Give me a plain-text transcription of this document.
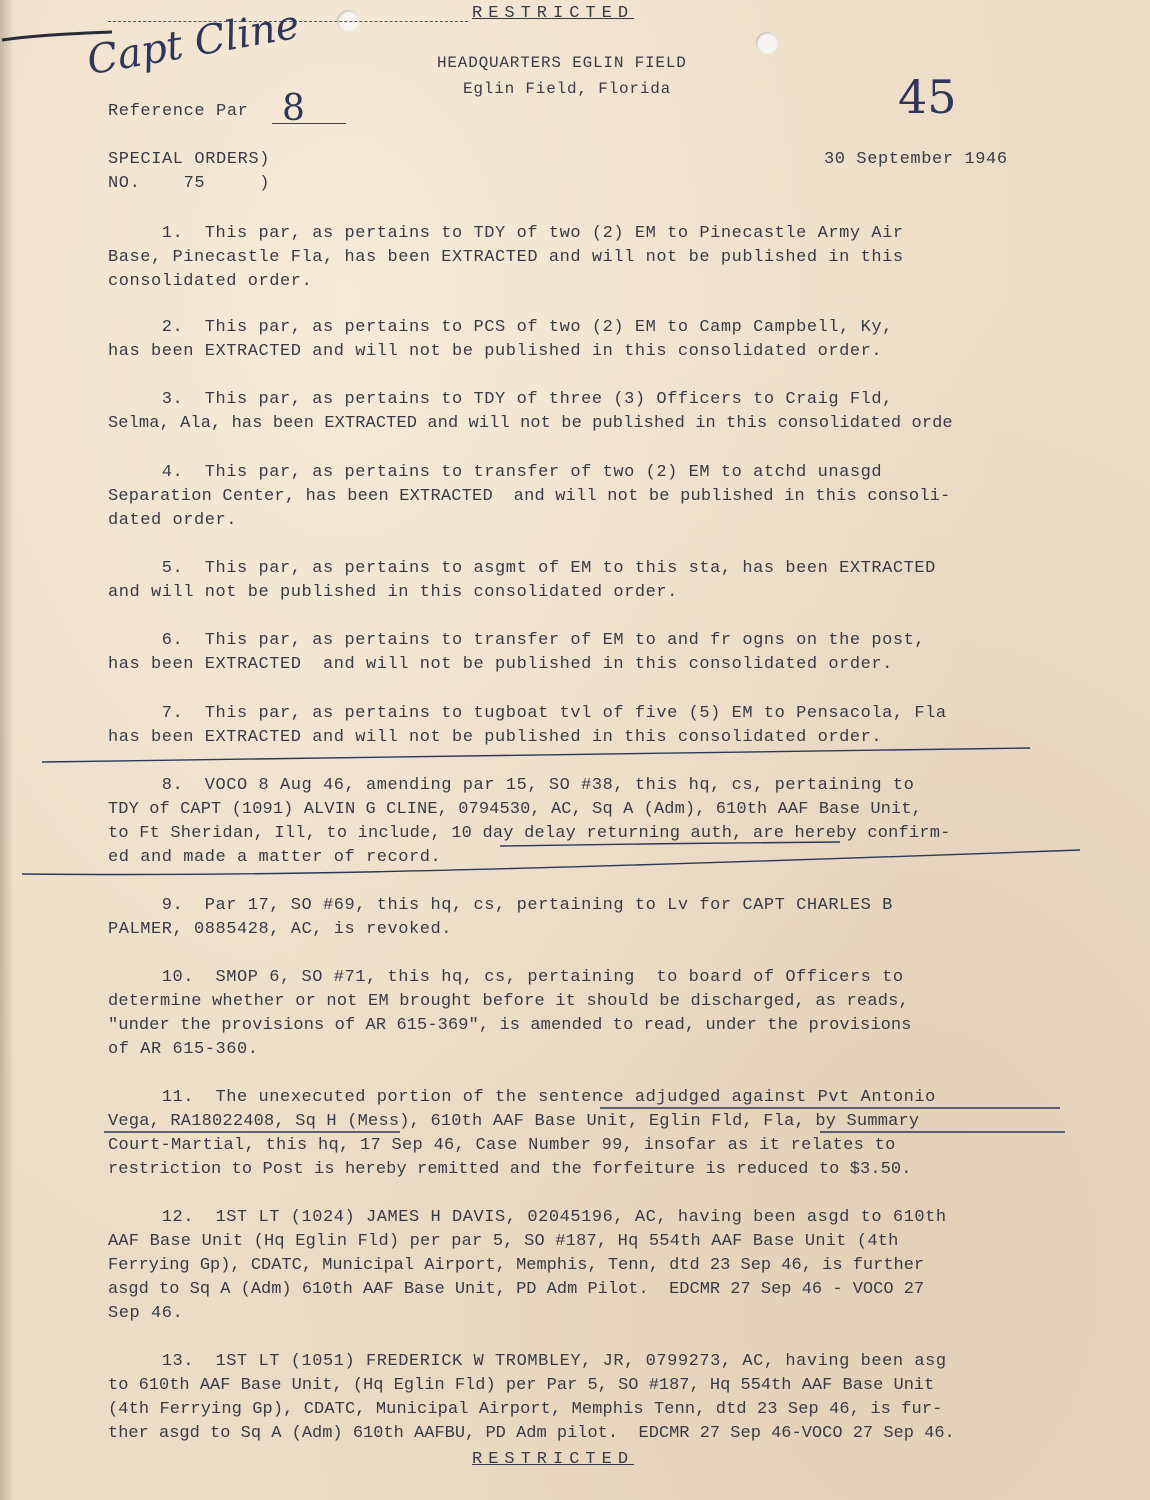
RESTRICTED
Capt Cline	HEADQUARTERS EGLIN FIELD
Eglin Field, Florida	45
Reference Par 8
SPECIAL ORDERS)
NO.    75     )
30 September 1946
1.  This par, as pertains to TDY of two (2) EM to Pinecastle Army Air
Base, Pinecastle Fla, has been EXTRACTED and will not be published in this
consolidated order.
2.  This par, as pertains to PCS of two (2) EM to Camp Campbell, Ky,
has been EXTRACTED and will not be published in this consolidated order.
3.  This par, as pertains to TDY of three (3) Officers to Craig Fld,
Selma, Ala, has been EXTRACTED and will not be published in this consolidated orde
4.  This par, as pertains to transfer of two (2) EM to atchd unasgd
Separation Center, has been EXTRACTED  and will not be published in this consoli-
dated order.
5.  This par, as pertains to asgmt of EM to this sta, has been EXTRACTED
and will not be published in this consolidated order.
6.  This par, as pertains to transfer of EM to and fr ogns on the post,
has been EXTRACTED  and will not be published in this consolidated order.
7.  This par, as pertains to tugboat tvl of five (5) EM to Pensacola, Fla
has been EXTRACTED and will not be published in this consolidated order.
8.  VOCO 8 Aug 46, amending par 15, SO #38, this hq, cs, pertaining to
TDY of CAPT (1091) ALVIN G CLINE, 0794530, AC, Sq A (Adm), 610th AAF Base Unit,
to Ft Sheridan, Ill, to include, 10 day delay returning auth, are hereby confirm-
ed and made a matter of record.
9.  Par 17, SO #69, this hq, cs, pertaining to Lv for CAPT CHARLES B
PALMER, 0885428, AC, is revoked.
10.  SMOP 6, SO #71, this hq, cs, pertaining  to board of Officers to
determine whether or not EM brought before it should be discharged, as reads,
"under the provisions of AR 615-369", is amended to read, under the provisions
of AR 615-360.
11.  The unexecuted portion of the sentence adjudged against Pvt Antonio
Vega, RA18022408, Sq H (Mess), 610th AAF Base Unit, Eglin Fld, Fla, by Summary
Court-Martial, this hq, 17 Sep 46, Case Number 99, insofar as it relates to
restriction to Post is hereby remitted and the forfeiture is reduced to $3.50.
12.  1ST LT (1024) JAMES H DAVIS, 02045196, AC, having been asgd to 610th
AAF Base Unit (Hq Eglin Fld) per par 5, SO #187, Hq 554th AAF Base Unit (4th
Ferrying Gp), CDATC, Municipal Airport, Memphis, Tenn, dtd 23 Sep 46, is further
asgd to Sq A (Adm) 610th AAF Base Unit, PD Adm Pilot.  EDCMR 27 Sep 46 - VOCO 27
Sep 46.
13.  1ST LT (1051) FREDERICK W TROMBLEY, JR, 0799273, AC, having been asg
to 610th AAF Base Unit, (Hq Eglin Fld) per Par 5, SO #187, Hq 554th AAF Base Unit
(4th Ferrying Gp), CDATC, Municipal Airport, Memphis Tenn, dtd 23 Sep 46, is fur-
ther asgd to Sq A (Adm) 610th AAFBU, PD Adm pilot.  EDCMR 27 Sep 46-VOCO 27 Sep 46.
RESTRICTED
